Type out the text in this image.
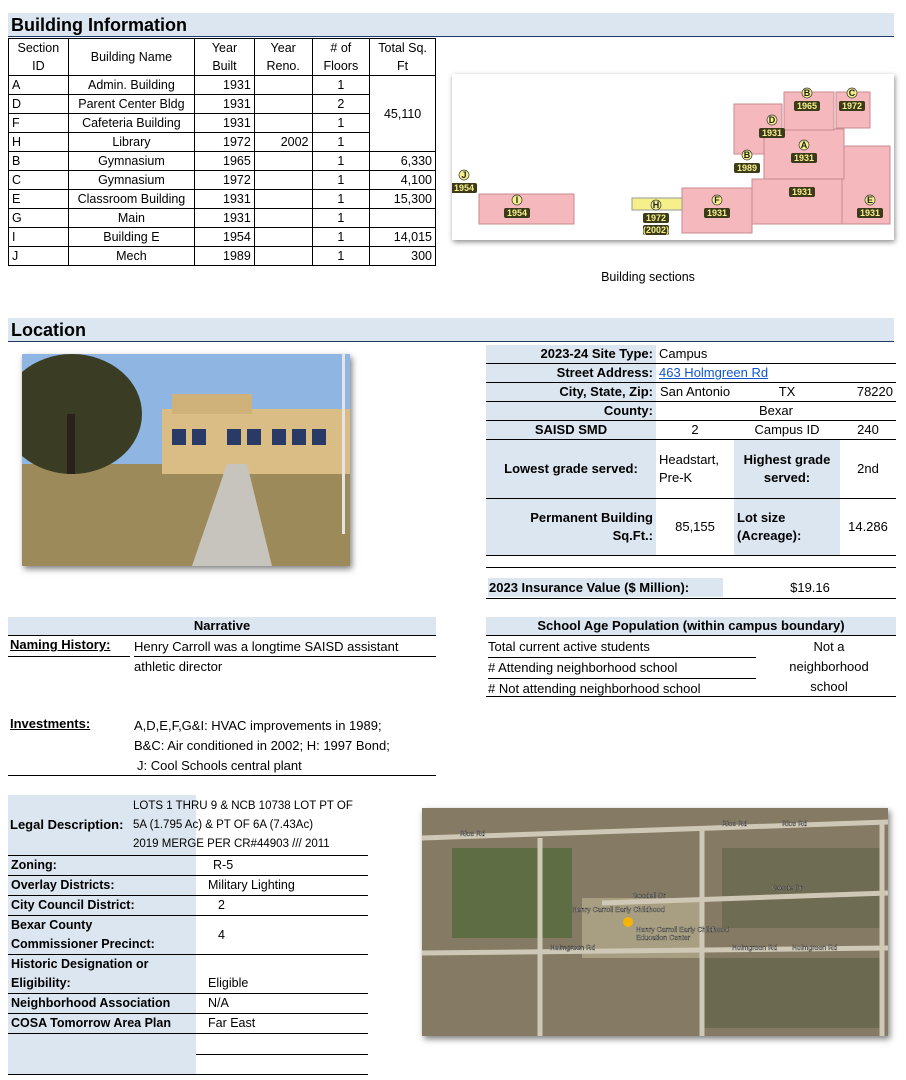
Building Information
Section ID	Building Name	Year Built	Year Reno.	# of Floors	Total Sq. Ft
A	Admin. Building	1931		1	45,110
D	Parent Center Bldg	1931		2	
F	Cafeteria Building	1931		1	
H	Library	1972	2002	1	
B	Gymnasium	1965		1	6,330
C	Gymnasium	1972		1	4,100
E	Classroom Building	1931		1	15,300
G	Main	1931		1	
I	Building E	1954		1	14,015
J	Mech	1989		1	300
B
1965
C
1972
D
1931
A
1931
B
1989
1931
J
1954
I
1954
H
1972
(2002)
F
1931
E
1931
Building sections
Location
2023-24 Site Type:	Campus		
Street Address:	463 Holmgreen Rd		
City, State, Zip:	San Antonio	TX	78220
County:	Bexar		
SAISD SMD	2	Campus ID	240
Lowest grade served:	Headstart, Pre-K	Highest grade served:	2nd
Permanent Building Sq.Ft.:	85,155	Lot size (Acreage):	14.286
2023 Insurance Value ($ Million):	$19.16
Narrative
Naming History: Henry Carroll was a longtime SAISD assistant
athletic director
Investments:	A,D,E,F,G&I: HVAC improvements in 1989;
B&C: Air conditioned in 2002; H: 1997 Bond;
J: Cool Schools central plant
School Age Population (within campus boundary)
Total current active students
# Attending neighborhood school
# Not attending neighborhood school
Not a
neighborhood
school
Legal Description:
LOTS 1 THRU 9 & NCB 10738 LOT PT OF
5A (1.795 Ac) & PT OF 6A (7.43Ac)
2019 MERGE PER CR#44903 /// 2011
Zoning:	R-5
Overlay Districts:	Military Lighting
City Council District:	2

Bexar County
Commissioner Precinct:	4

Historic Designation or
Eligibility:	Eligible
Neighborhood Association	N/A
COSA Tomorrow Area Plan	Far East

Rice Rd
Rice Rd	Rice Rd
Goodell Dr
Goode Dr
Holmgreen Rd	Holmgreen Rd Holmgreen Rd
Henry Carroll Early Childhood
Henry Carroll Early Childhood
Education Center
